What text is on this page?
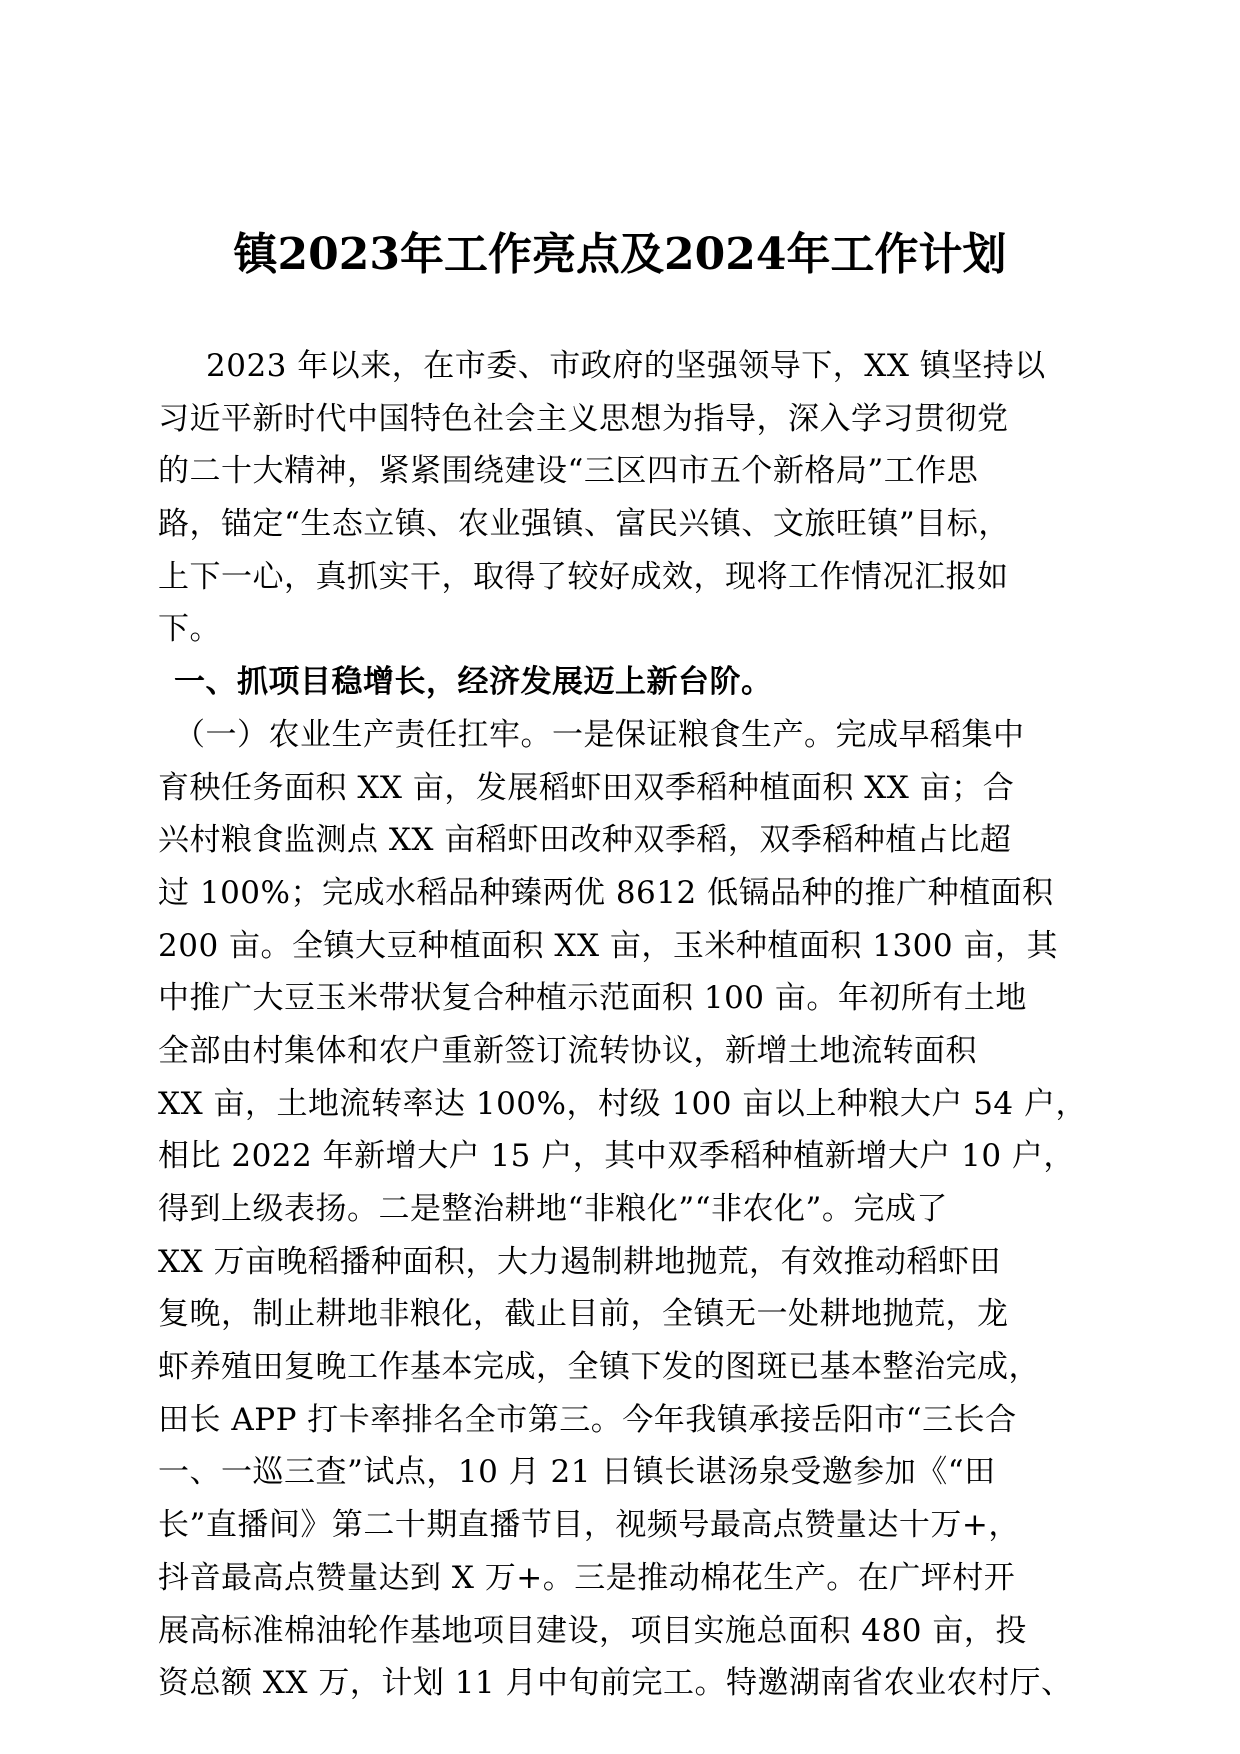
镇2023年工作亮点及2024年工作计划
2023 年以来，在市委、市政府的坚强领导下，XX 镇坚持以
习近平新时代中国特色社会主义思想为指导，深入学习贯彻党
的二十大精神，紧紧围绕建设“三区四市五个新格局”工作思
路，锚定“生态立镇、农业强镇、富民兴镇、文旅旺镇”目标，
上下一心，真抓实干，取得了较好成效，现将工作情况汇报如
下。
一、抓项目稳增长，经济发展迈上新台阶。
（一）农业生产责任扛牢。一是保证粮食生产。完成早稻集中
育秧任务面积 XX 亩，发展稻虾田双季稻种植面积 XX 亩；合
兴村粮食监测点 XX 亩稻虾田改种双季稻，双季稻种植占比超
过 100%；完成水稻品种臻两优 8612 低镉品种的推广种植面积
200 亩。全镇大豆种植面积 XX 亩，玉米种植面积 1300 亩，其
中推广大豆玉米带状复合种植示范面积 100 亩。年初所有土地
全部由村集体和农户重新签订流转协议，新增土地流转面积
XX 亩，土地流转率达 100%，村级 100 亩以上种粮大户 54 户，
相比 2022 年新增大户 15 户，其中双季稻种植新增大户 10 户，
得到上级表扬。二是整治耕地“非粮化”“非农化”。完成了
XX 万亩晚稻播种面积，大力遏制耕地抛荒，有效推动稻虾田
复晚，制止耕地非粮化，截止目前，全镇无一处耕地抛荒，龙
虾养殖田复晚工作基本完成，全镇下发的图斑已基本整治完成，
田长 APP 打卡率排名全市第三。今年我镇承接岳阳市“三长合
一、一巡三查”试点，10 月 21 日镇长谌汤泉受邀参加《“田
长”直播间》第二十期直播节目，视频号最高点赞量达十万+，
抖音最高点赞量达到 X 万+。三是推动棉花生产。在广坪村开
展高标准棉油轮作基地项目建设，项目实施总面积 480 亩，投
资总额 XX 万，计划 11 月中旬前完工。特邀湖南省农业农村厅、
